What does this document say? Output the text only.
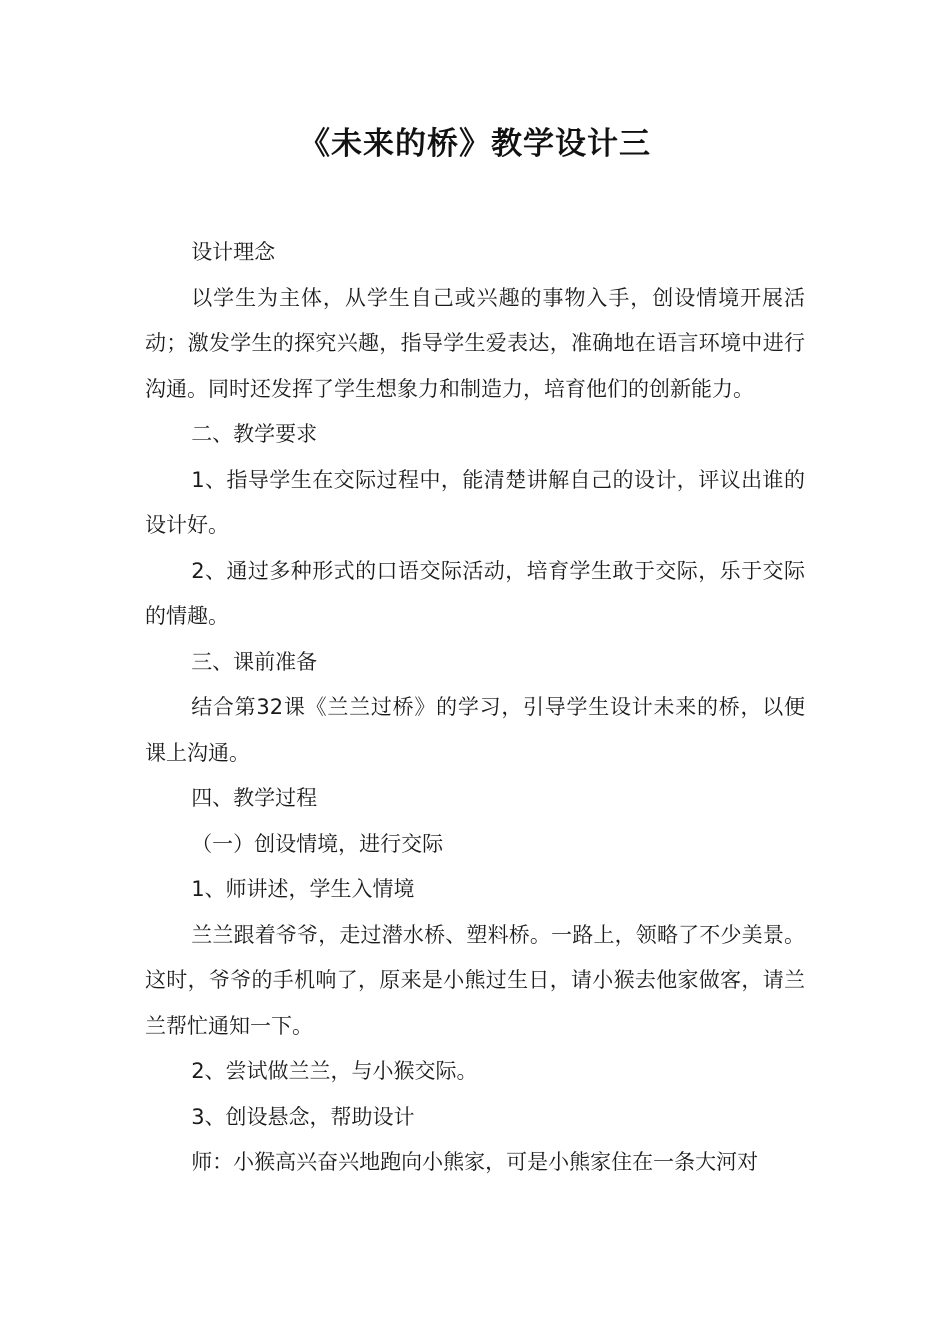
《未来的桥》教学设计三

设计理念

以学生为主体，从学生自己或兴趣的事物入手，创设情境开展活动；激发学生的探究兴趣，指导学生爱表达，准确地在语言环境中进行沟通。同时还发挥了学生想象力和制造力，培育他们的创新能力。

二、教学要求

1、指导学生在交际过程中，能清楚讲解自己的设计，评议出谁的设计好。

2、通过多种形式的口语交际活动，培育学生敢于交际，乐于交际的情趣。

三、课前准备

结合第32课《兰兰过桥》的学习，引导学生设计未来的桥，以便课上沟通。

四、教学过程

（一）创设情境，进行交际

1、师讲述，学生入情境

兰兰跟着爷爷，走过潜水桥、塑料桥。一路上，领略了不少美景。这时，爷爷的手机响了，原来是小熊过生日，请小猴去他家做客，请兰兰帮忙通知一下。

2、尝试做兰兰，与小猴交际。

3、创设悬念，帮助设计

师：小猴高兴奋兴地跑向小熊家，可是小熊家住在一条大河对
